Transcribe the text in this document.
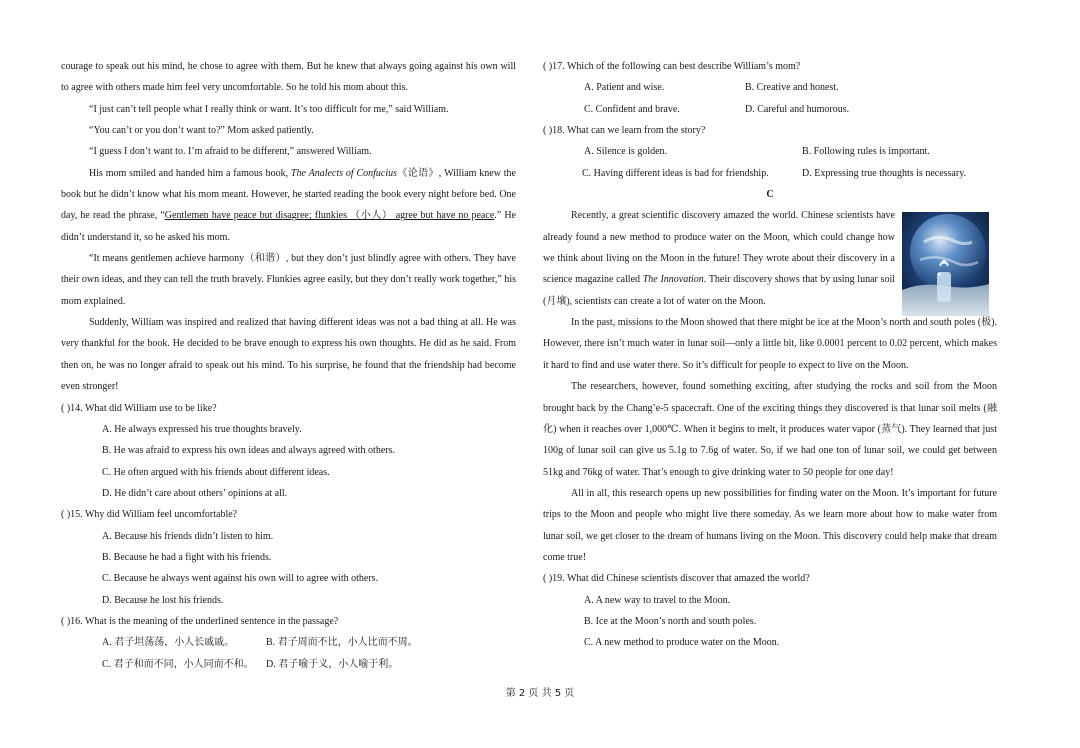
courage to speak out his mind, he chose to agree with them. But he knew that always going against his own will to agree with others made him feel very uncomfortable. So he told his mom about this.

“I just can’t tell people what I really think or want. It’s too difficult for me,” said William.

“You can’t or you don’t want to?” Mom asked patiently.

“I guess I don’t want to. I’m afraid to be different,” answered William.

His mom smiled and handed him a famous book, The Analects of Confucius《论语》, William knew the book but he didn’t know what his mom meant. However, he started reading the book every night before bed. One day, he read the phrase, “Gentlemen have peace but disagree; flunkies （小人） agree but have no peace.” He didn’t understand it, so he asked his mom.

“It means gentlemen achieve harmony（和谐）, but they don’t just blindly agree with others. They have their own ideas, and they can tell the truth bravely. Flunkies agree easily, but they don’t really work together,” his mom explained.

Suddenly, William was inspired and realized that having different ideas was not a bad thing at all. He was very thankful for the book. He decided to be brave enough to express his own thoughts. He did as he said. From then on, he was no longer afraid to speak out his mind. To his surprise, he found that the friendship had become even stronger!

( )14. What did William use to be like?

A. He always expressed his true thoughts bravely.

B. He was afraid to express his own ideas and always agreed with others.

C. He often argued with his friends about different ideas.

D. He didn’t care about others’ opinions at all.

( )15. Why did William feel uncomfortable?

A. Because his friends didn’t listen to him.

B. Because he had a fight with his friends.

C. Because he always went against his own will to agree with others.

D. Because he lost his friends.

( )16. What is the meaning of the underlined sentence in the passage?

A. 君子坦荡荡，小人长戚戚。	B. 君子周而不比，小人比而不周。

C. 君子和而不同，小人同而不和。	D. 君子喻于义，小人喻于利。

( )17. Which of the following can best describe William’s mom?

A. Patient and wise.	B. Creative and honest.

C. Confident and brave.	D. Careful and humorous.

( )18. What can we learn from the story?

A. Silence is golden.	B. Following rules is important.

C. Having different ideas is bad for friendship.	D. Expressing true thoughts is necessary.

C

Recently, a great scientific discovery amazed the world. Chinese scientists have already found a new method to produce water on the Moon, which could change how we think about living on the Moon in the future! They wrote about their discovery in a science magazine called The Innovation. Their discovery shows that by using lunar soil (月壤), scientists can create a lot of water on the Moon.

In the past, missions to the Moon showed that there might be ice at the Moon’s north and south poles (极). However, there isn’t much water in lunar soil—only a little bit, like 0.0001 percent to 0.02 percent, which makes it hard to find and use water there. So it’s difficult for people to expect to live on the Moon.

The researchers, however, found something exciting, after studying the rocks and soil from the Moon brought back by the Chang’e-5 spacecraft. One of the exciting things they discovered is that lunar soil melts (融化) when it reaches over 1,000℃. When it begins to melt, it produces water vapor (蒸气). They learned that just 100g of lunar soil can give us 5.1g to 7.6g of water. So, if we had one ton of lunar soil, we could get between 51kg and 76kg of water. That’s enough to give drinking water to 50 people for one day!

All in all, this research opens up new possibilities for finding water on the Moon. It’s important for future trips to the Moon and people who might live there someday. As we learn more about how to make water from lunar soil, we get closer to the dream of humans living on the Moon. This discovery could help make that dream come true!

( )19. What did Chinese scientists discover that amazed the world?

A. A new way to travel to the Moon.

B. Ice at the Moon’s north and south poles.

C. A new method to produce water on the Moon.

第 2 页 共 5 页
